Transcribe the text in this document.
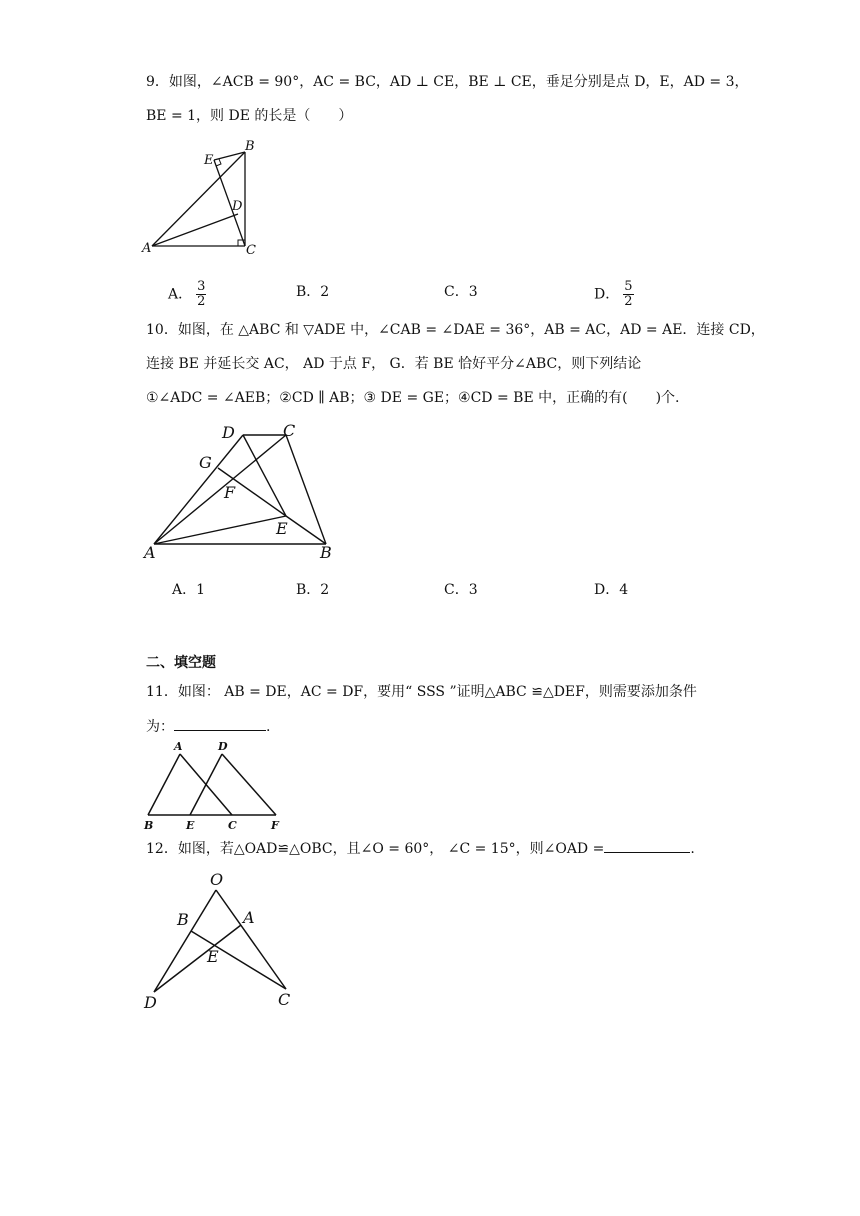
9．如图，∠ACB = 90°，AC = BC，AD ⊥ CE，BE ⊥ CE，垂足分别是点 D，E，AD = 3，
BE = 1，则 DE 的长是（　　）
E
B
D
A	C
A． $\frac{3}{2}$	B．2	C．3	D． $\frac{5}{2}$
10．如图，在 △ABC 和 ▽ADE 中，∠CAB = ∠DAE = 36°，AB = AC，AD = AE．连接 CD，
连接 BE 并延长交 AC， AD 于点 F， G．若 BE 恰好平分∠ABC，则下列结论
①∠ADC = ∠AEB；②CD ∥ AB；③ DE = GE；④CD = BE 中，正确的有(　　)个.
D	C
G
F
E
A	B
A．1	B．2	C．3	D．4
二、填空题
11．如图： AB = DE，AC = DF，要用“ SSS ”证明△ABC ≌△DEF，则需要添加条件
为：	.
A	D
B	E	C	F
12．如图，若△OAD≌△OBC，且∠O = 60°， ∠C = 15°，则∠OAD =	.
O
B	A
E
D	C
